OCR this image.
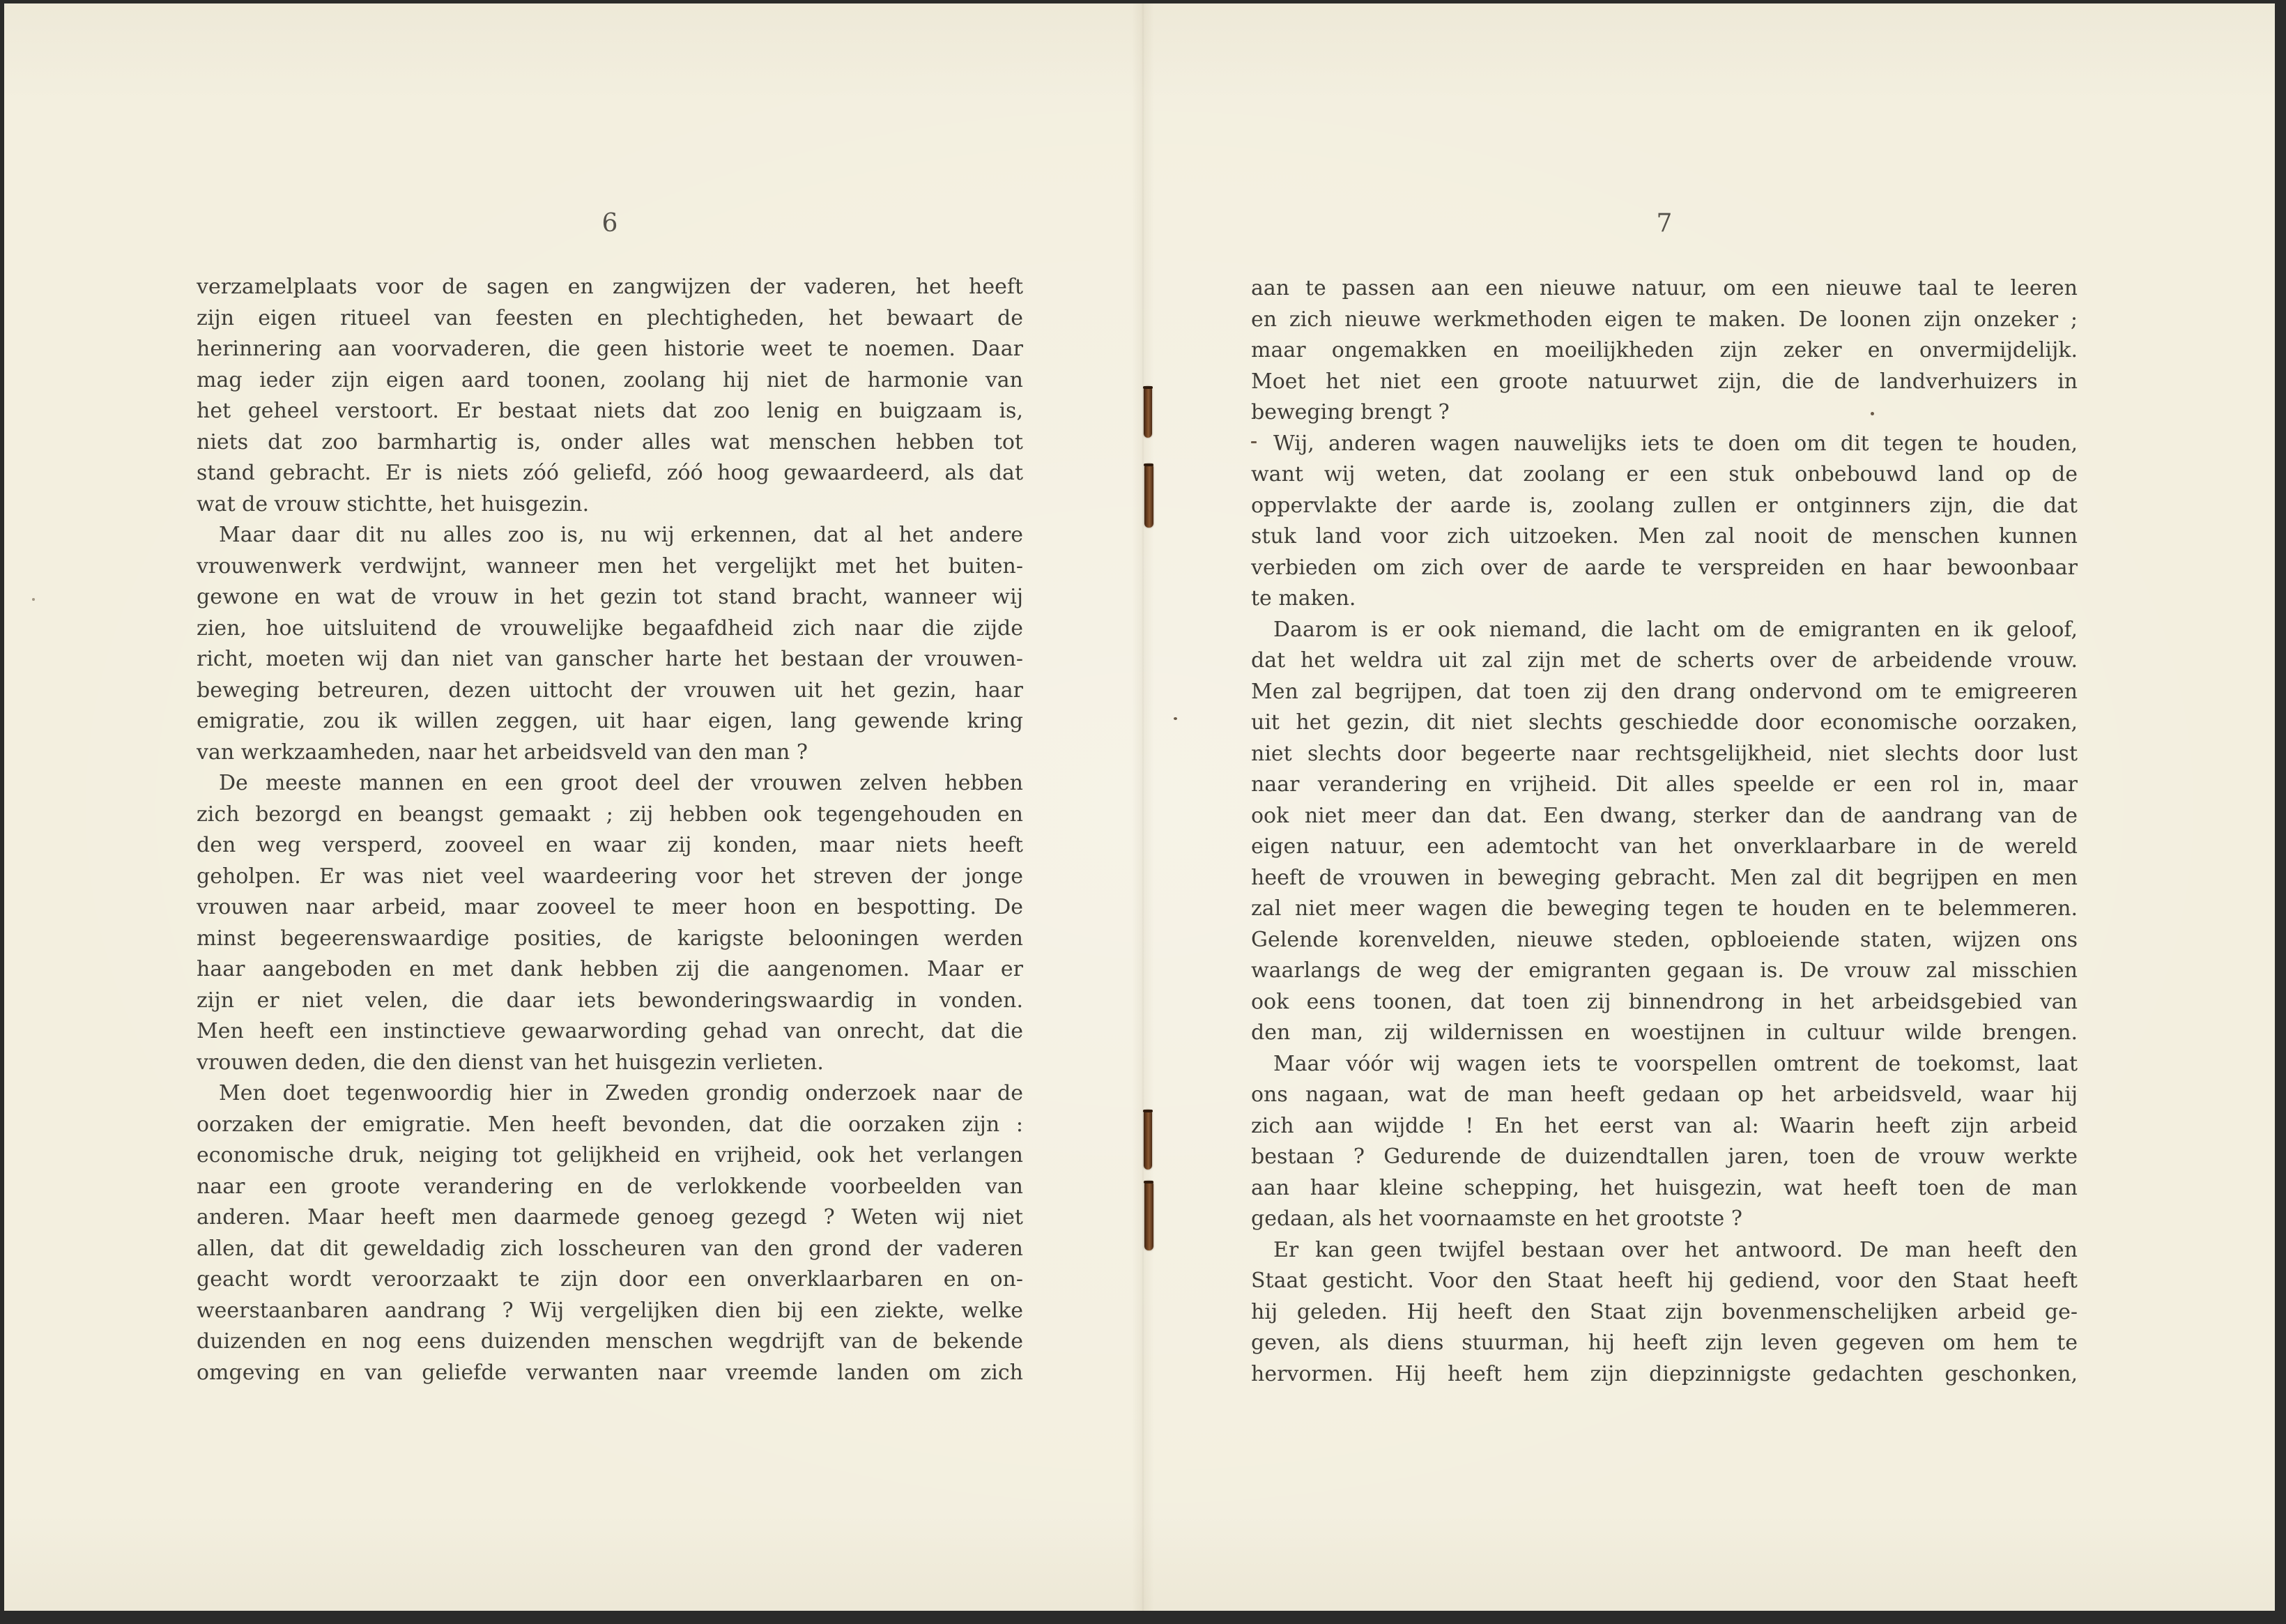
6
verzamelplaats voor de sagen en zangwijzen der vaderen, het heeft
zijn eigen ritueel van feesten en plechtigheden, het bewaart de
herinnering aan voorvaderen, die geen historie weet te noemen. Daar
mag ieder zijn eigen aard toonen, zoolang hij niet de harmonie van
het geheel verstoort. Er bestaat niets dat zoo lenig en buigzaam is,
niets dat zoo barmhartig is, onder alles wat menschen hebben tot
stand gebracht. Er is niets zóó geliefd, zóó hoog gewaardeerd, als dat
wat de vrouw stichtte, het huisgezin.
Maar daar dit nu alles zoo is, nu wij erkennen, dat al het andere
vrouwenwerk verdwijnt, wanneer men het vergelijkt met het buiten-
gewone en wat de vrouw in het gezin tot stand bracht, wanneer wij
zien, hoe uitsluitend de vrouwelijke begaafdheid zich naar die zijde
richt, moeten wij dan niet van ganscher harte het bestaan der vrouwen-
beweging betreuren, dezen uittocht der vrouwen uit het gezin, haar
emigratie, zou ik willen zeggen, uit haar eigen, lang gewende kring
van werkzaamheden, naar het arbeidsveld van den man ?
De meeste mannen en een groot deel der vrouwen zelven hebben
zich bezorgd en beangst gemaakt ; zij hebben ook tegengehouden en
den weg versperd, zooveel en waar zij konden, maar niets heeft
geholpen. Er was niet veel waardeering voor het streven der jonge
vrouwen naar arbeid, maar zooveel te meer hoon en bespotting. De
minst begeerenswaardige posities, de karigste belooningen werden
haar aangeboden en met dank hebben zij die aangenomen. Maar er
zijn er niet velen, die daar iets bewonderingswaardig in vonden.
Men heeft een instinctieve gewaarwording gehad van onrecht, dat die
vrouwen deden, die den dienst van het huisgezin verlieten.
Men doet tegenwoordig hier in Zweden grondig onderzoek naar de
oorzaken der emigratie. Men heeft bevonden, dat die oorzaken zijn :
economische druk, neiging tot gelijkheid en vrijheid, ook het verlangen
naar een groote verandering en de verlokkende voorbeelden van
anderen. Maar heeft men daarmede genoeg gezegd ? Weten wij niet
allen, dat dit geweldadig zich losscheuren van den grond der vaderen
geacht wordt veroorzaakt te zijn door een onverklaarbaren en on-
weerstaanbaren aandrang ? Wij vergelijken dien bij een ziekte, welke
duizenden en nog eens duizenden menschen wegdrijft van de bekende
omgeving en van geliefde verwanten naar vreemde landen om zich
7
aan te passen aan een nieuwe natuur, om een nieuwe taal te leeren
en zich nieuwe werkmethoden eigen te maken. De loonen zijn onzeker ;
maar ongemakken en moeilijkheden zijn zeker en onvermijdelijk.
Moet het niet een groote natuurwet zijn, die de landverhuizers in
beweging brengt ?
Wij, anderen wagen nauwelijks iets te doen om dit tegen te houden,
want wij weten, dat zoolang er een stuk onbebouwd land op de
oppervlakte der aarde is, zoolang zullen er ontginners zijn, die dat
stuk land voor zich uitzoeken. Men zal nooit de menschen kunnen
verbieden om zich over de aarde te verspreiden en haar bewoonbaar
te maken.
Daarom is er ook niemand, die lacht om de emigranten en ik geloof,
dat het weldra uit zal zijn met de scherts over de arbeidende vrouw.
Men zal begrijpen, dat toen zij den drang ondervond om te emigreeren
uit het gezin, dit niet slechts geschiedde door economische oorzaken,
niet slechts door begeerte naar rechtsgelijkheid, niet slechts door lust
naar verandering en vrijheid. Dit alles speelde er een rol in, maar
ook niet meer dan dat. Een dwang, sterker dan de aandrang van de
eigen natuur, een ademtocht van het onverklaarbare in de wereld
heeft de vrouwen in beweging gebracht. Men zal dit begrijpen en men
zal niet meer wagen die beweging tegen te houden en te belemmeren.
Gelende korenvelden, nieuwe steden, opbloeiende staten, wijzen ons
waarlangs de weg der emigranten gegaan is. De vrouw zal misschien
ook eens toonen, dat toen zij binnendrong in het arbeidsgebied van
den man, zij wildernissen en woestijnen in cultuur wilde brengen.
Maar vóór wij wagen iets te voorspellen omtrent de toekomst, laat
ons nagaan, wat de man heeft gedaan op het arbeidsveld, waar hij
zich aan wijdde ! En het eerst van al: Waarin heeft zijn arbeid
bestaan ? Gedurende de duizendtallen jaren, toen de vrouw werkte
aan haar kleine schepping, het huisgezin, wat heeft toen de man
gedaan, als het voornaamste en het grootste ?
Er kan geen twijfel bestaan over het antwoord. De man heeft den
Staat gesticht. Voor den Staat heeft hij gediend, voor den Staat heeft
hij geleden. Hij heeft den Staat zijn bovenmenschelijken arbeid ge-
geven, als diens stuurman, hij heeft zijn leven gegeven om hem te
hervormen. Hij heeft hem zijn diepzinnigste gedachten geschonken,
